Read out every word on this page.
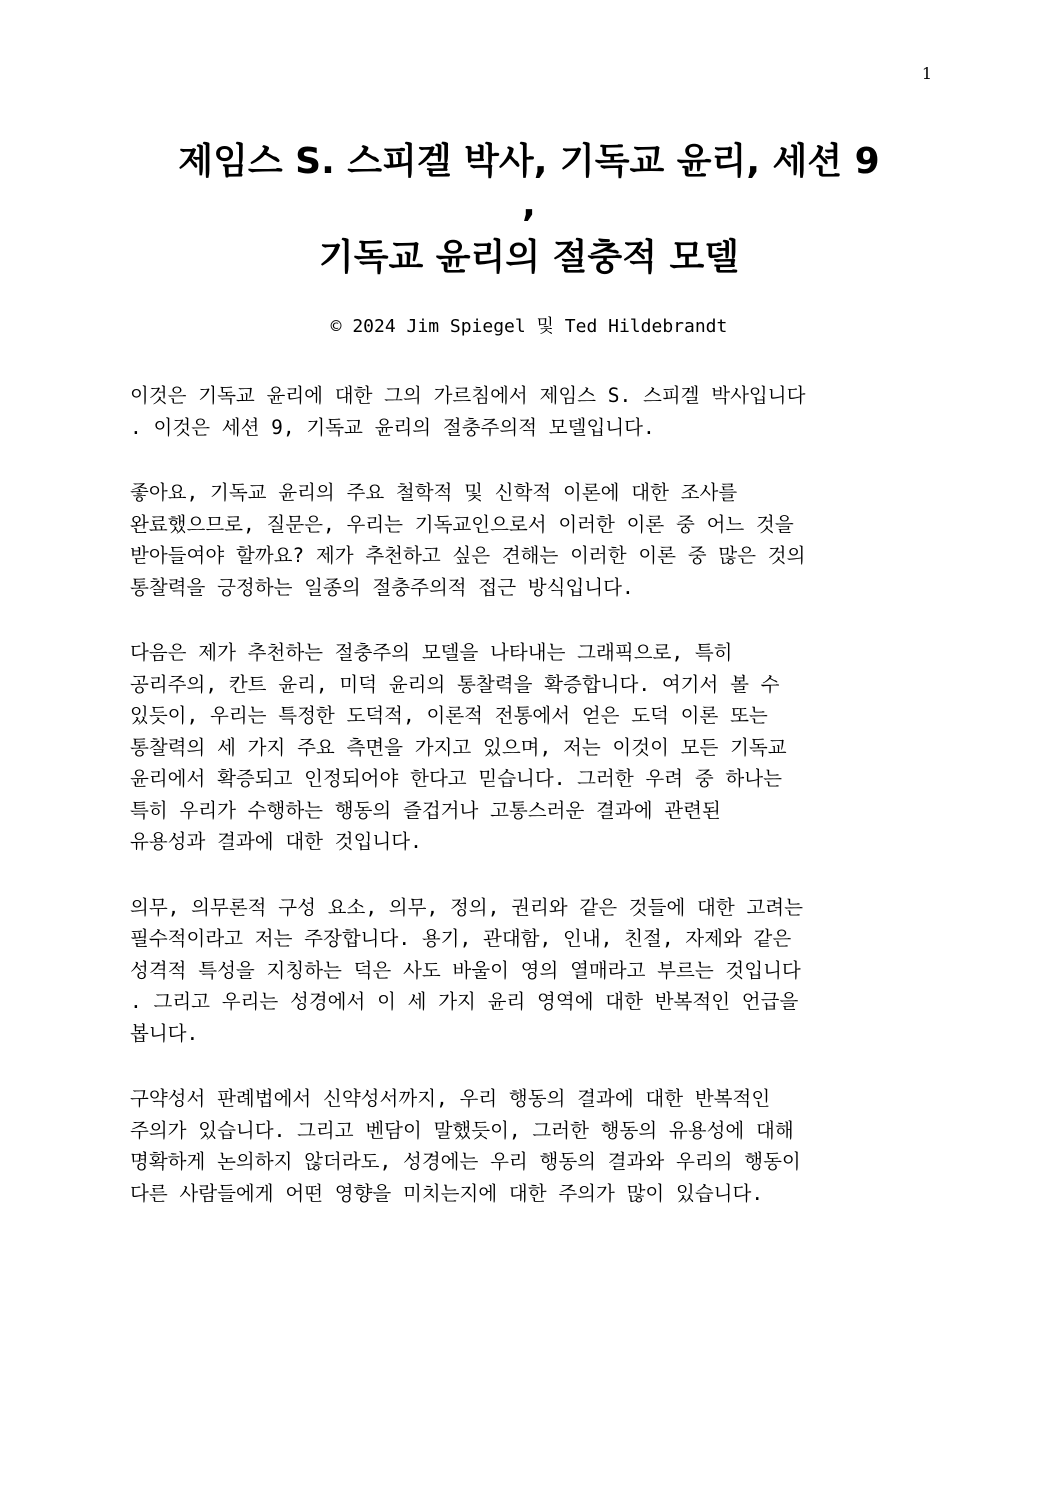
1
제임스 S. 스피겔 박사, 기독교 윤리, 세션 9
,
기독교 윤리의 절충적 모델
© 2024 Jim Spiegel 및 Ted Hildebrandt
이것은 기독교 윤리에 대한 그의 가르침에서 제임스 S. 스피겔 박사입니다
. 이것은 세션 9, 기독교 윤리의 절충주의적 모델입니다.
좋아요, 기독교 윤리의 주요 철학적 및 신학적 이론에 대한 조사를
완료했으므로, 질문은, 우리는 기독교인으로서 이러한 이론 중 어느 것을
받아들여야 할까요? 제가 추천하고 싶은 견해는 이러한 이론 중 많은 것의
통찰력을 긍정하는 일종의 절충주의적 접근 방식입니다.
다음은 제가 추천하는 절충주의 모델을 나타내는 그래픽으로, 특히
공리주의, 칸트 윤리, 미덕 윤리의 통찰력을 확증합니다. 여기서 볼 수
있듯이, 우리는 특정한 도덕적, 이론적 전통에서 얻은 도덕 이론 또는
통찰력의 세 가지 주요 측면을 가지고 있으며, 저는 이것이 모든 기독교
윤리에서 확증되고 인정되어야 한다고 믿습니다. 그러한 우려 중 하나는
특히 우리가 수행하는 행동의 즐겁거나 고통스러운 결과에 관련된
유용성과 결과에 대한 것입니다.
의무, 의무론적 구성 요소, 의무, 정의, 권리와 같은 것들에 대한 고려는
필수적이라고 저는 주장합니다. 용기, 관대함, 인내, 친절, 자제와 같은
성격적 특성을 지칭하는 덕은 사도 바울이 영의 열매라고 부르는 것입니다
. 그리고 우리는 성경에서 이 세 가지 윤리 영역에 대한 반복적인 언급을
봅니다.
구약성서 판례법에서 신약성서까지, 우리 행동의 결과에 대한 반복적인
주의가 있습니다. 그리고 벤담이 말했듯이, 그러한 행동의 유용성에 대해
명확하게 논의하지 않더라도, 성경에는 우리 행동의 결과와 우리의 행동이
다른 사람들에게 어떤 영향을 미치는지에 대한 주의가 많이 있습니다.
